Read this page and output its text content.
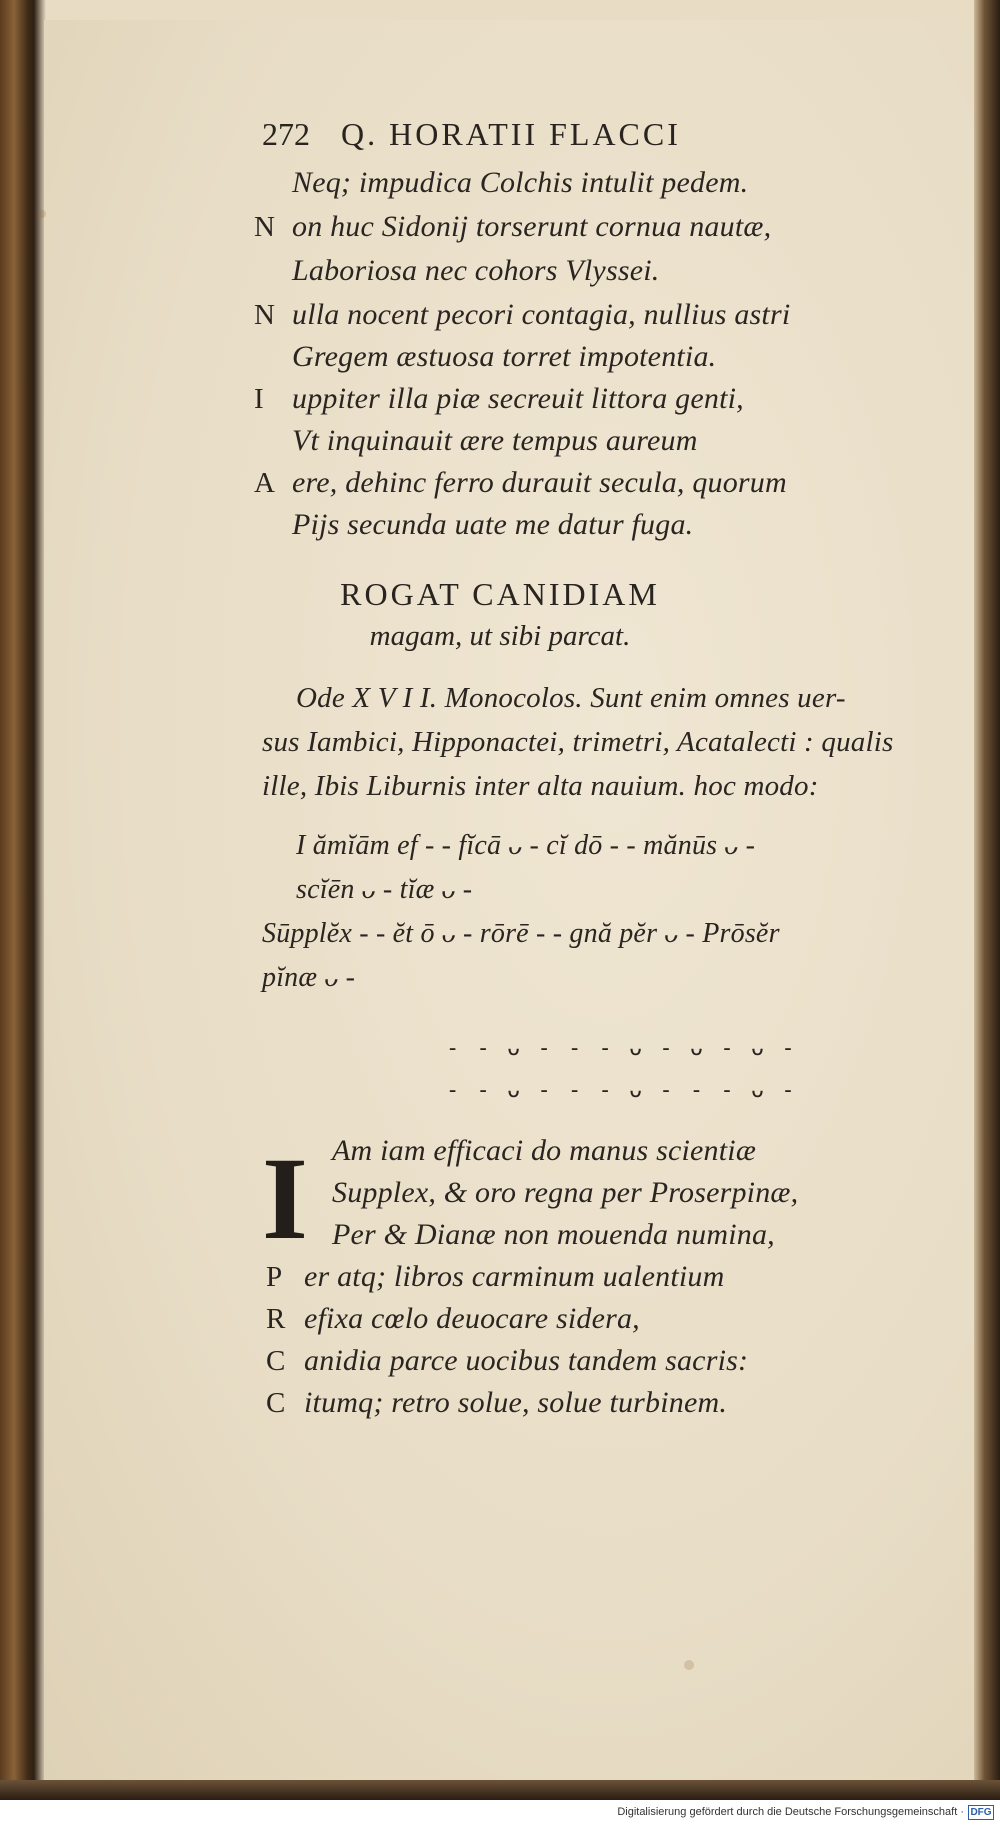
272 Q. HORATII FLACCI
Neq; impudica Colchis intulit pedem.
N on huc Sidonij torserunt cornua nautæ,
Laboriosa nec cohors Vlyssei.
N ulla nocent pecori contagia, nullius astri
Gregem æstuosa torret impotentia.
I uppiter illa piæ secreuit littora genti,
Vt inquinauit ære tempus aureum
A ere, dehinc ferro durauit secula, quorum
Pijs secunda uate me datur fuga.
ROGAT CANIDIAM
magam, ut sibi parcat.
Ode X V I I. Monocolos. Sunt enim omnes uer-
sus Iambici, Hipponactei, trimetri, Acatalecti : qualis
ille, Ibis Liburnis inter alta nauium. hoc modo:
I ămĭām ef - - fĭcā ᴗ - cĭ dō - - mănūs ᴗ -
scĭēn ᴗ - tĭæ ᴗ -
Sūpplĕx - - ĕt ō ᴗ - rōrē - - gnă pĕr ᴗ - Prōsĕr
pĭnæ ᴗ -
- - ᴗ - - - ᴗ - ᴗ - ᴗ -
- - ᴗ - - - ᴗ - - - ᴗ -
I Am iam efficaci do manus scientiæ
Supplex, & oro regna per Proserpinæ,
Per & Dianæ non mouenda numina,
P er atq; libros carminum ualentium
R efixa cœlo deuocare sidera,
C anidia parce uocibus tandem sacris:
C itumq; retro solue, solue turbinem.
Digitalisierung gefördert durch die Deutsche Forschungsgemeinschaft · DFG
